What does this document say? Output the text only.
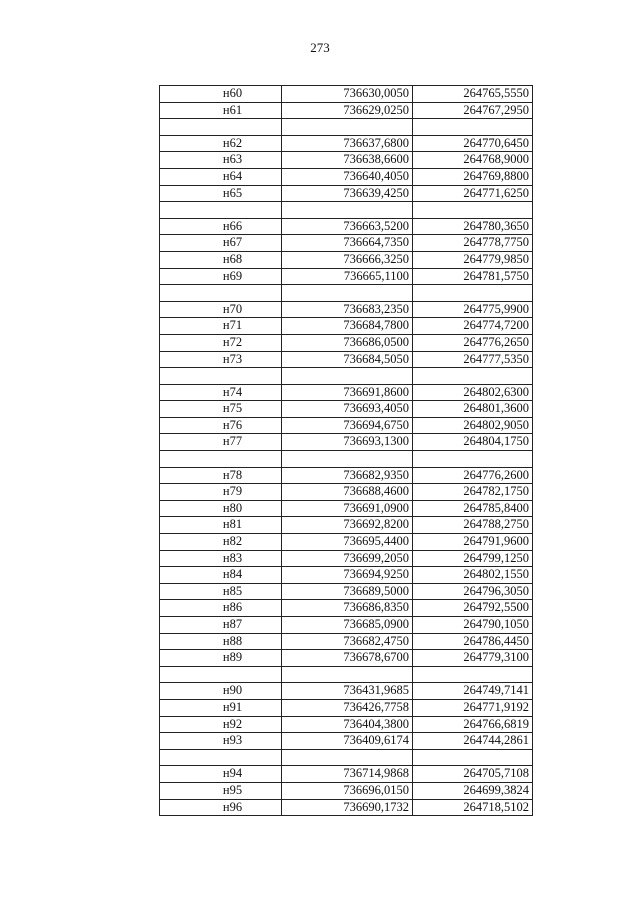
273
н60	736630,0050	264765,5550
н61	736629,0250	264767,2950

н62	736637,6800	264770,6450
н63	736638,6600	264768,9000
н64	736640,4050	264769,8800
н65	736639,4250	264771,6250

н66	736663,5200	264780,3650
н67	736664,7350	264778,7750
н68	736666,3250	264779,9850
н69	736665,1100	264781,5750

н70	736683,2350	264775,9900
н71	736684,7800	264774,7200
н72	736686,0500	264776,2650
н73	736684,5050	264777,5350

н74	736691,8600	264802,6300
н75	736693,4050	264801,3600
н76	736694,6750	264802,9050
н77	736693,1300	264804,1750

н78	736682,9350	264776,2600
н79	736688,4600	264782,1750
н80	736691,0900	264785,8400
н81	736692,8200	264788,2750
н82	736695,4400	264791,9600
н83	736699,2050	264799,1250
н84	736694,9250	264802,1550
н85	736689,5000	264796,3050
н86	736686,8350	264792,5500
н87	736685,0900	264790,1050
н88	736682,4750	264786,4450
н89	736678,6700	264779,3100

н90	736431,9685	264749,7141
н91	736426,7758	264771,9192
н92	736404,3800	264766,6819
н93	736409,6174	264744,2861

н94	736714,9868	264705,7108
н95	736696,0150	264699,3824
н96	736690,1732	264718,5102
